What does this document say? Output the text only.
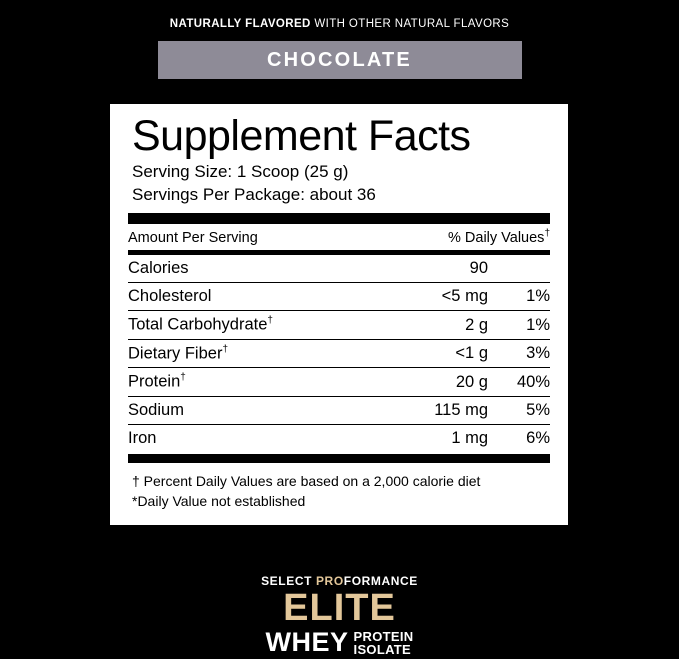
NATURALLY FLAVORED WITH OTHER NATURAL FLAVORS
CHOCOLATE
Supplement Facts
Serving Size: 1 Scoop (25 g)
Servings Per Package: about 36
Amount Per Serving		% Daily Values†
Calories	90	
Cholesterol	<5 mg	1%
Total Carbohydrate†	2 g	1%
Dietary Fiber†	<1 g	3%
Protein†	20 g	40%
Sodium	115 mg	5%
Iron	1 mg	6%
† Percent Daily Values are based on a 2,000 calorie diet
*Daily Value not established
SELECT PROFORMANCE
ELITE
WHEY PROTEIN
ISOLATE
